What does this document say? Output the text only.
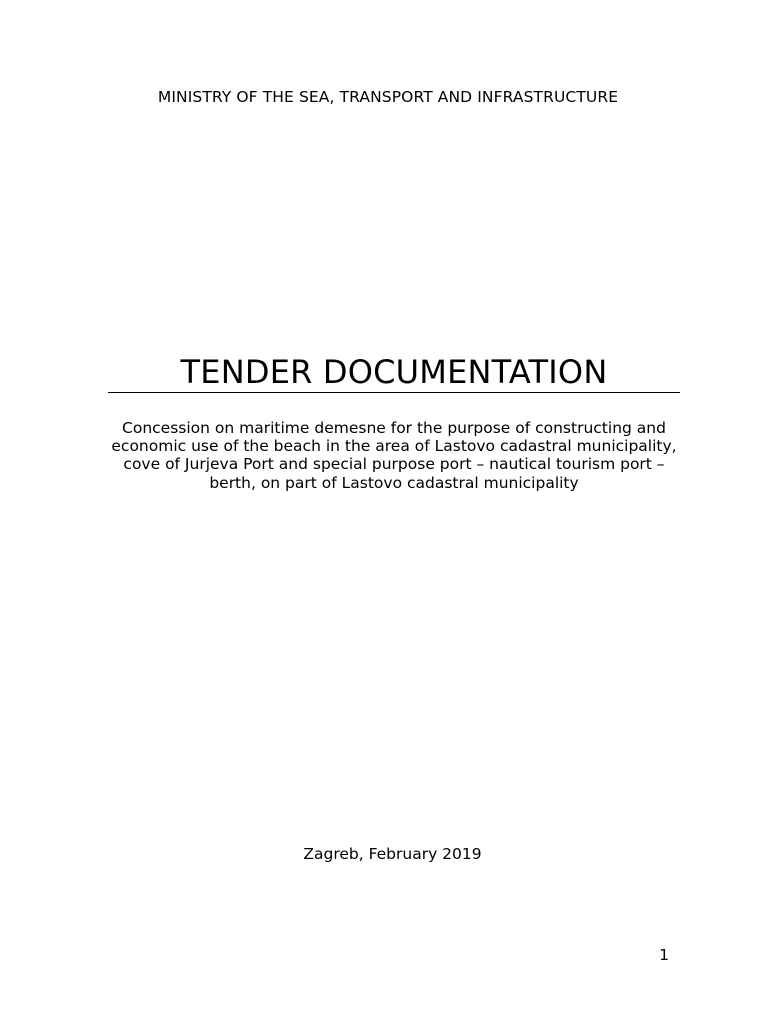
MINISTRY OF THE SEA, TRANSPORT AND INFRASTRUCTURE
TENDER DOCUMENTATION
Concession on maritime demesne for the purpose of constructing and economic use of the beach in the area of Lastovo cadastral municipality, cove of Jurjeva Port and special purpose port – nautical tourism port – berth, on part of Lastovo cadastral municipality
Zagreb, February 2019
1
